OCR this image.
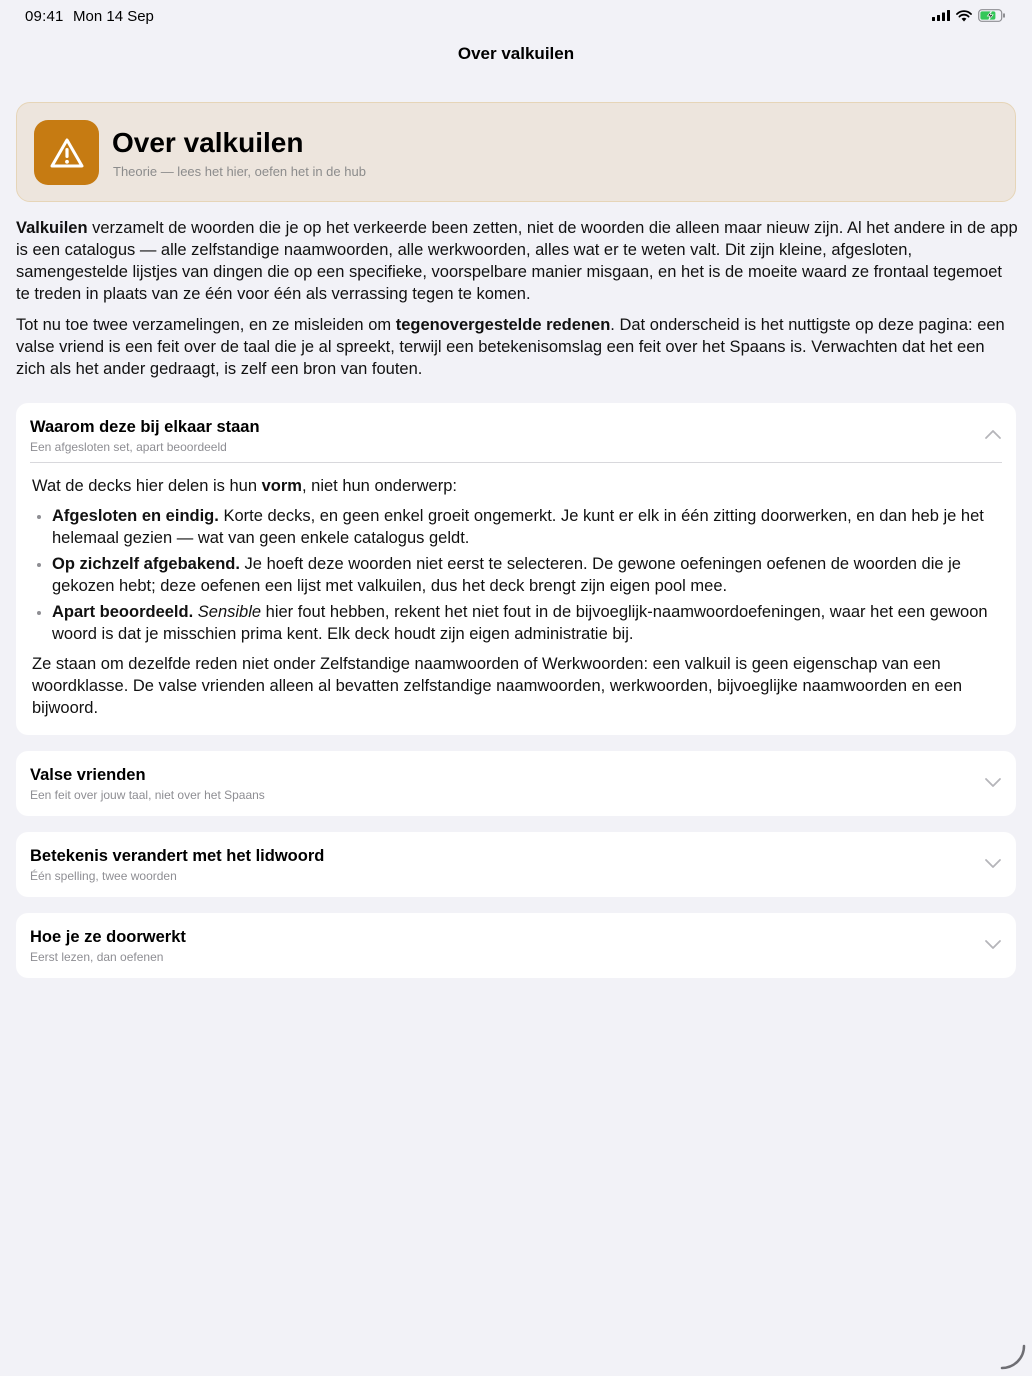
09:41 Mon 14 Sep
Over valkuilen
Over valkuilen
Theorie — lees het hier, oefen het in de hub

Valkuilen verzamelt de woorden die je op het verkeerde been zetten, niet de woorden die alleen maar nieuw zijn. Al het andere in de app is een catalogus — alle zelfstandige naamwoorden, alle werkwoorden, alles wat er te weten valt. Dit zijn kleine, afgesloten, samengestelde lijstjes van dingen die op een specifieke, voorspelbare manier misgaan, en het is de moeite waard ze frontaal tegemoet te treden in plaats van ze één voor één als verrassing tegen te komen.

Tot nu toe twee verzamelingen, en ze misleiden om tegenovergestelde redenen. Dat onderscheid is het nuttigste op deze pagina: een valse vriend is een feit over de taal die je al spreekt, terwijl een betekenisomslag een feit over het Spaans is. Verwachten dat het een zich als het ander gedraagt, is zelf een bron van fouten.

Waarom deze bij elkaar staan
Een afgesloten set, apart beoordeeld

Wat de decks hier delen is hun vorm, niet hun onderwerp:

Afgesloten en eindig. Korte decks, en geen enkel groeit ongemerkt. Je kunt er elk in één zitting doorwerken, en dan heb je het helemaal gezien — wat van geen enkele catalogus geldt.
Op zichzelf afgebakend. Je hoeft deze woorden niet eerst te selecteren. De gewone oefeningen oefenen de woorden die je gekozen hebt; deze oefenen een lijst met valkuilen, dus het deck brengt zijn eigen pool mee.
Apart beoordeeld. Sensible hier fout hebben, rekent het niet fout in de bijvoeglijk-naamwoordoefeningen, waar het een gewoon woord is dat je misschien prima kent. Elk deck houdt zijn eigen administratie bij.

Ze staan om dezelfde reden niet onder Zelfstandige naamwoorden of Werkwoorden: een valkuil is geen eigenschap van een woordklasse. De valse vrienden alleen al bevatten zelfstandige naamwoorden, werkwoorden, bijvoeglijke naamwoorden en een bijwoord.

Valse vrienden
Een feit over jouw taal, niet over het Spaans
Betekenis verandert met het lidwoord
Één spelling, twee woorden
Hoe je ze doorwerkt
Eerst lezen, dan oefenen
